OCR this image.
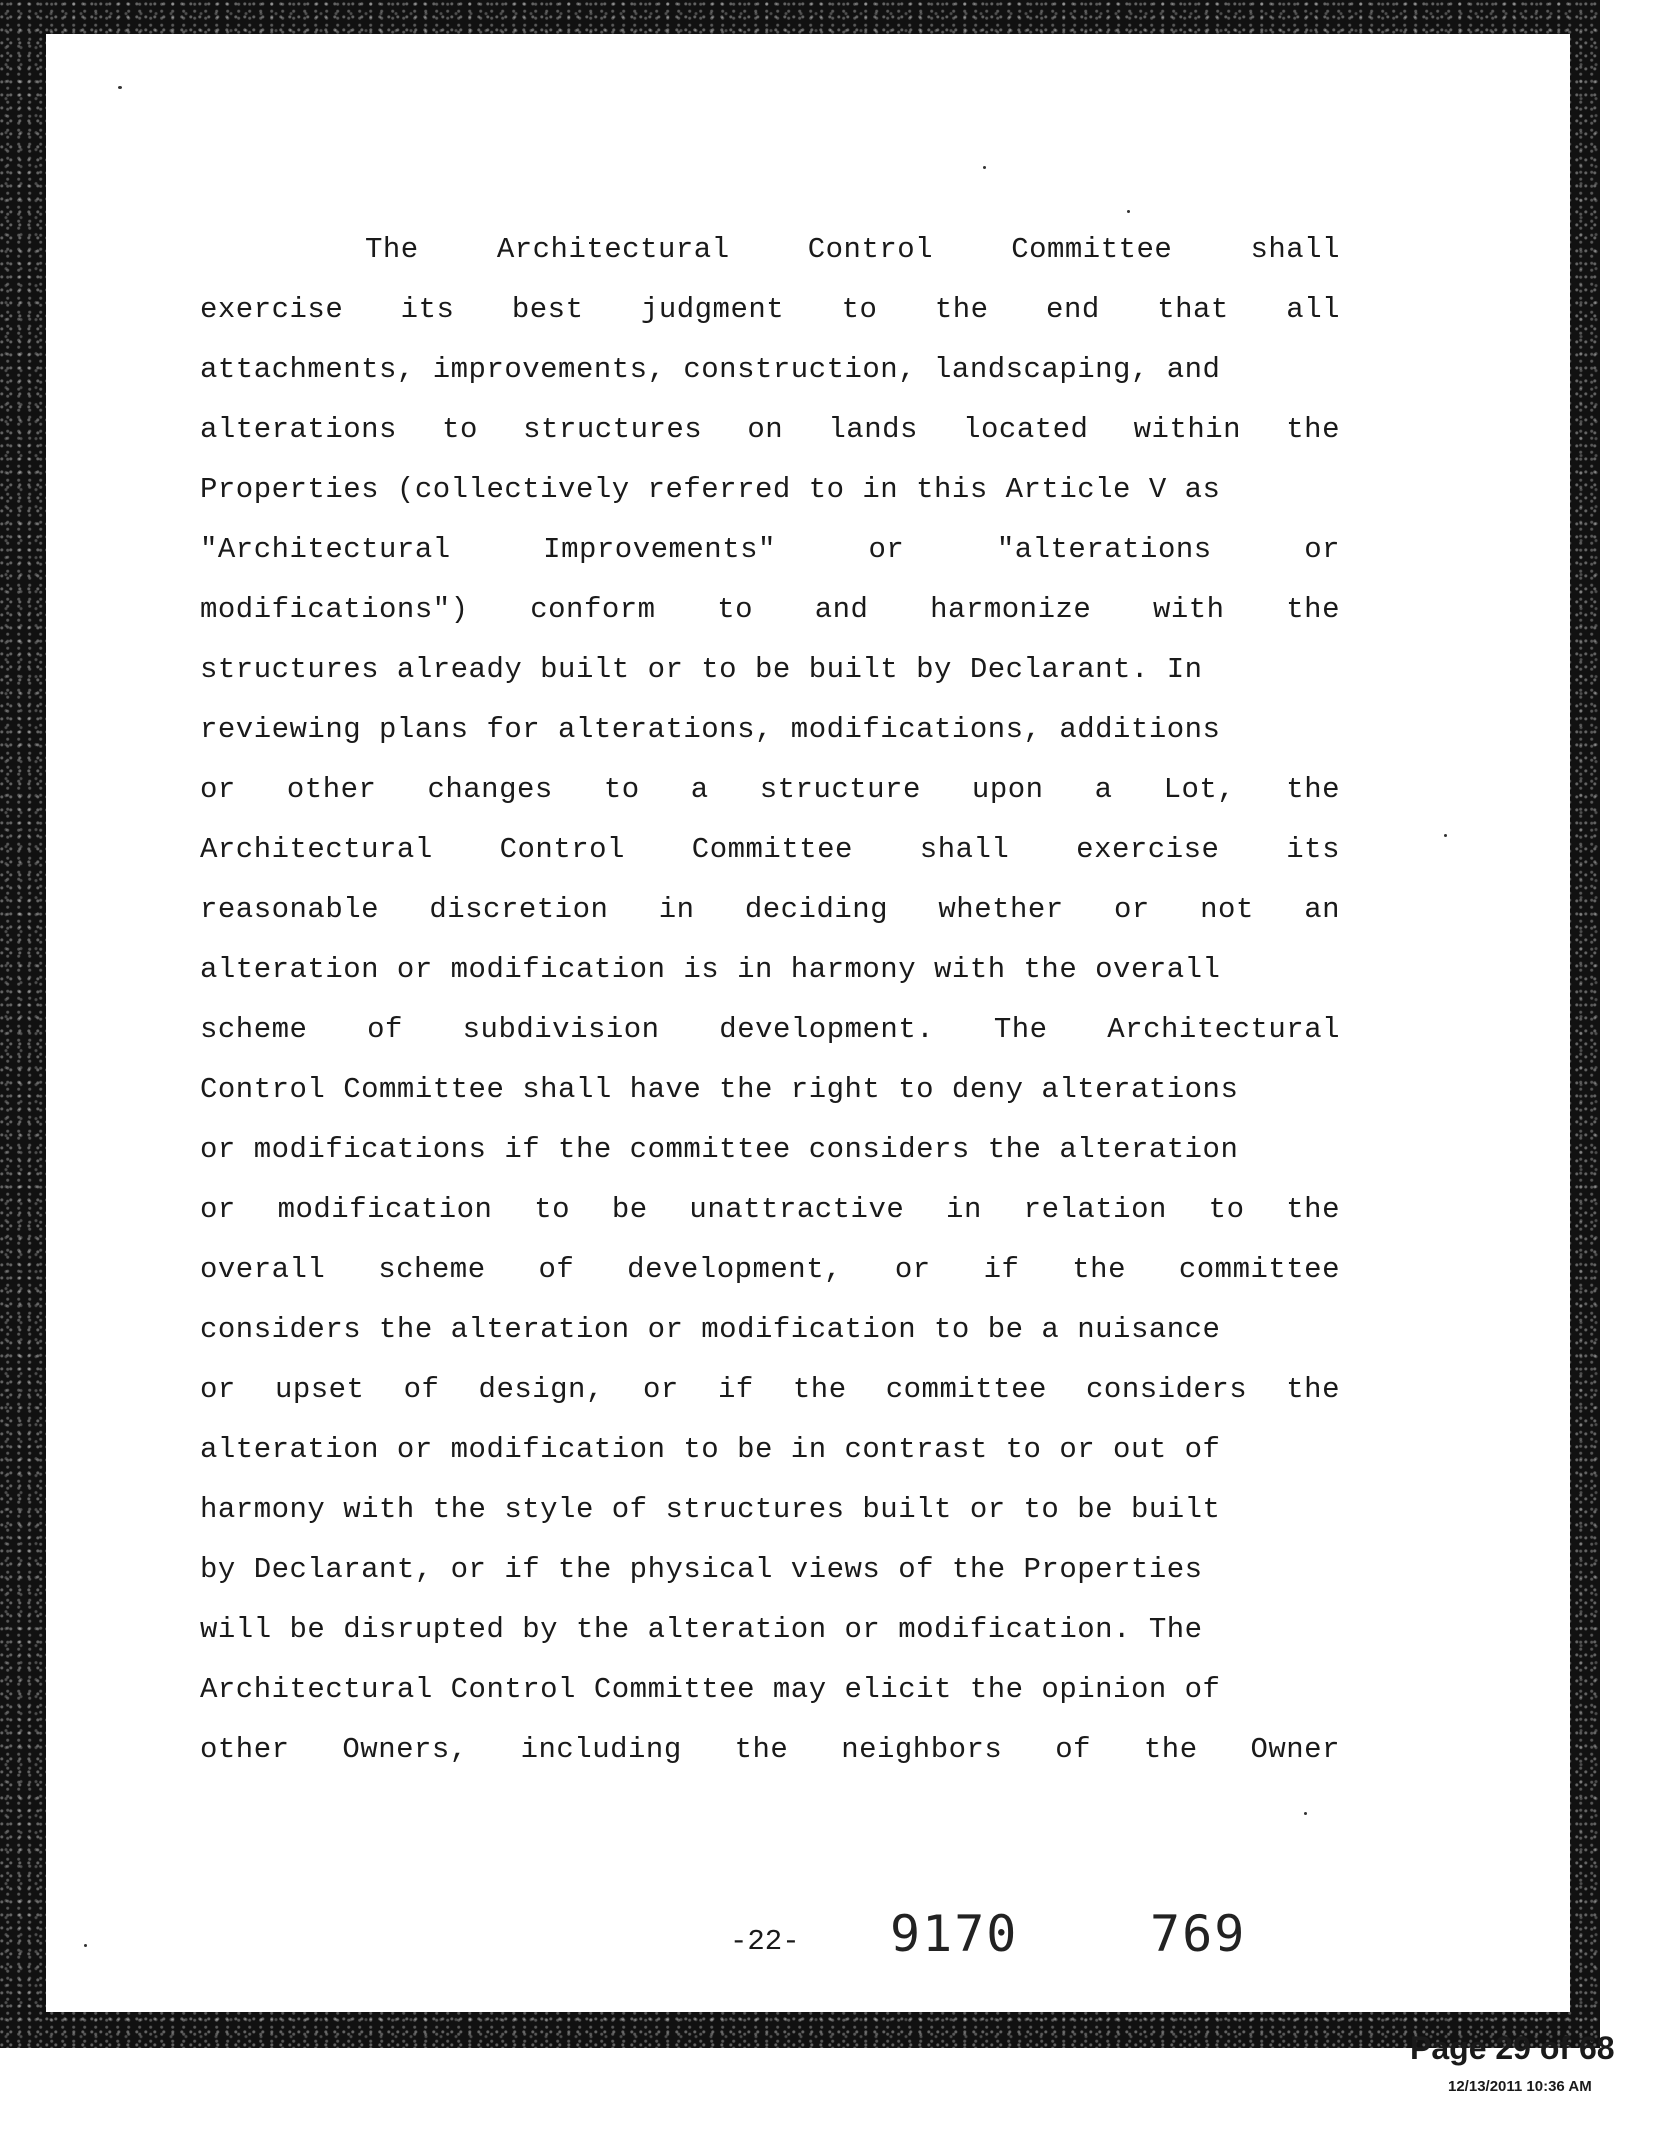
The Architectural Control Committee shall
exercise its best judgment to the end that all
attachments, improvements, construction, landscaping, and
alterations to structures on lands located within the
Properties (collectively referred to in this Article V as
"Architectural Improvements" or "alterations or
modifications") conform to and harmonize with the
structures already built or to be built by Declarant. In
reviewing plans for alterations, modifications, additions
or other changes to a structure upon a Lot, the
Architectural Control Committee shall exercise its
reasonable discretion in deciding whether or not an
alteration or modification is in harmony with the overall
scheme of subdivision development. The Architectural
Control Committee shall have the right to deny alterations
or modifications if the committee considers the alteration
or modification to be unattractive in relation to the
overall scheme of development, or if the committee
considers the alteration or modification to be a nuisance
or upset of design, or if the committee considers the
alteration or modification to be in contrast to or out of
harmony with the style of structures built or to be built
by Declarant, or if the physical views of the Properties
will be disrupted by the alteration or modification. The
Architectural Control Committee may elicit the opinion of
other Owners, including the neighbors of the Owner
-22- 9170	769
Page 29 of 68
12/13/2011 10:36 AM
